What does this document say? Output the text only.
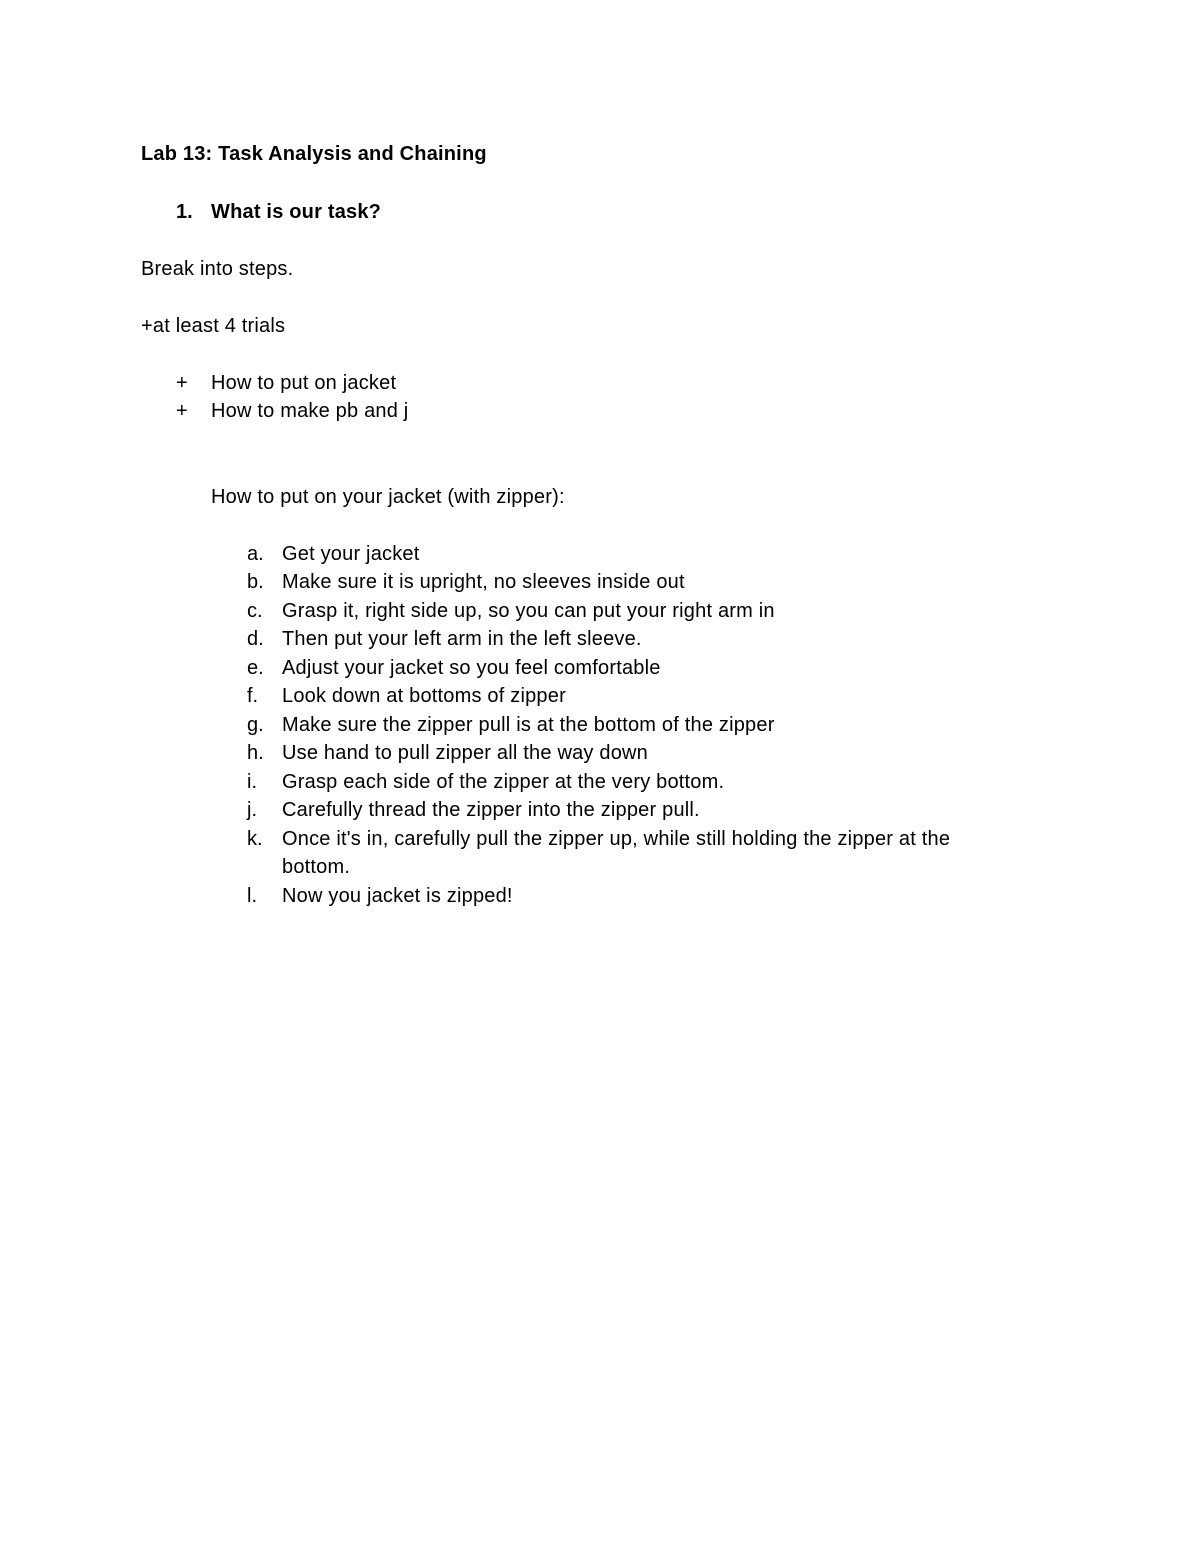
Lab 13: Task Analysis and Chaining
1. What is our task?
Break into steps.
+at least 4 trials
+ How to put on jacket
+ How to make pb and j
How to put on your jacket (with zipper):
a. Get your jacket
b. Make sure it is upright, no sleeves inside out
c. Grasp it, right side up, so you can put your right arm in
d. Then put your left arm in the left sleeve.
e. Adjust your jacket so you feel comfortable
f. Look down at bottoms of zipper
g. Make sure the zipper pull is at the bottom of the zipper
h. Use hand to pull zipper all the way down
i. Grasp each side of the zipper at the very bottom.
j. Carefully thread the zipper into the zipper pull.
k. Once it's in, carefully pull the zipper up, while still holding the zipper at the
bottom.
l. Now you jacket is zipped!
